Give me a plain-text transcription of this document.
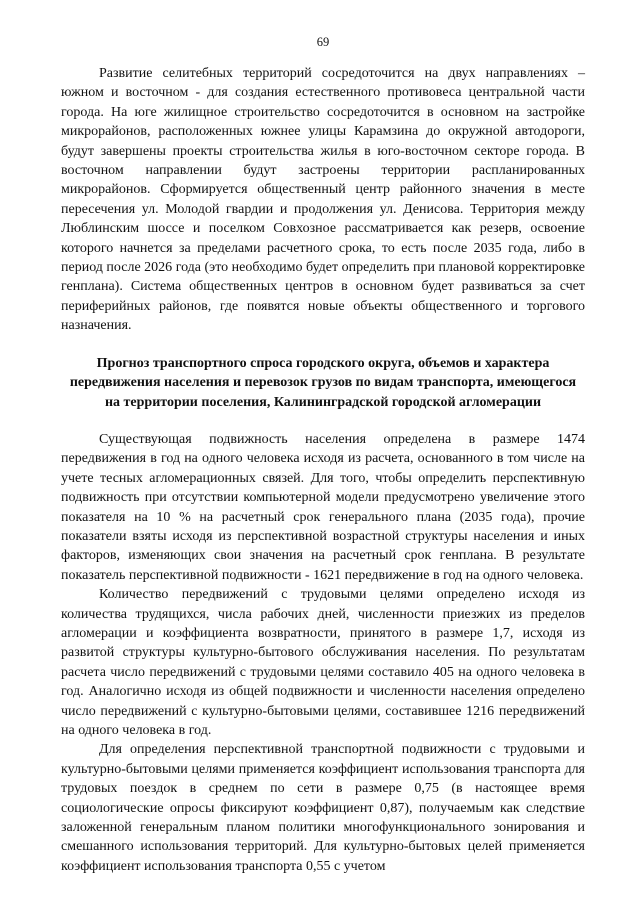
69

Развитие селитебных территорий сосредоточится на двух направлениях – южном и восточном - для создания естественного противовеса центральной части города. На юге жилищное строительство сосредоточится в основном на застройке микрорайонов, расположенных южнее улицы Карамзина до окружной автодороги, будут завершены проекты строительства жилья в юго-восточном секторе города. В восточном направлении будут застроены территории распланированных микрорайонов. Сформируется общественный центр районного значения в месте пересечения ул. Молодой гвардии и продолжения ул. Денисова. Территория между Люблинским шоссе и поселком Совхозное рассматривается как резерв, освоение которого начнется за пределами расчетного срока, то есть после 2035 года, либо в период после 2026 года (это необходимо будет определить при плановой корректировке генплана). Система общественных центров в основном будет развиваться за счет периферийных районов, где появятся новые объекты общественного и торгового назначения.

Прогноз транспортного спроса городского округа, объемов и характера передвижения населения и перевозок грузов по видам транспорта, имеющегося на территории поселения, Калининградской городской агломерации

Существующая подвижность населения определена в размере 1474 передвижения в год на одного человека исходя из расчета, основанного в том числе на учете тесных агломерационных связей. Для того, чтобы определить перспективную подвижность при отсутствии компьютерной модели предусмотрено увеличение этого показателя на 10 % на расчетный срок генерального плана (2035 года), прочие показатели взяты исходя из перспективной возрастной структуры населения и иных факторов, изменяющих свои значения на расчетный срок генплана. В результате показатель перспективной подвижности - 1621 передвижение в год на одного человека.

Количество передвижений с трудовыми целями определено исходя из количества трудящихся, числа рабочих дней, численности приезжих из пределов агломерации и коэффициента возвратности, принятого в размере 1,7, исходя из развитой структуры культурно-бытового обслуживания населения. По результатам расчета число передвижений с трудовыми целями составило 405 на одного человека в год. Аналогично исходя из общей подвижности и численности населения определено число передвижений с культурно-бытовыми целями, составившее 1216 передвижений на одного человека в год.

Для определения перспективной транспортной подвижности с трудовыми и культурно-бытовыми целями применяется коэффициент использования транспорта для трудовых поездок в среднем по сети в размере 0,75 (в настоящее время социологические опросы фиксируют коэффициент 0,87), получаемым как следствие заложенной генеральным планом политики многофункционального зонирования и смешанного использования территорий. Для культурно-бытовых целей применяется коэффициент использования транспорта 0,55 с учетом
